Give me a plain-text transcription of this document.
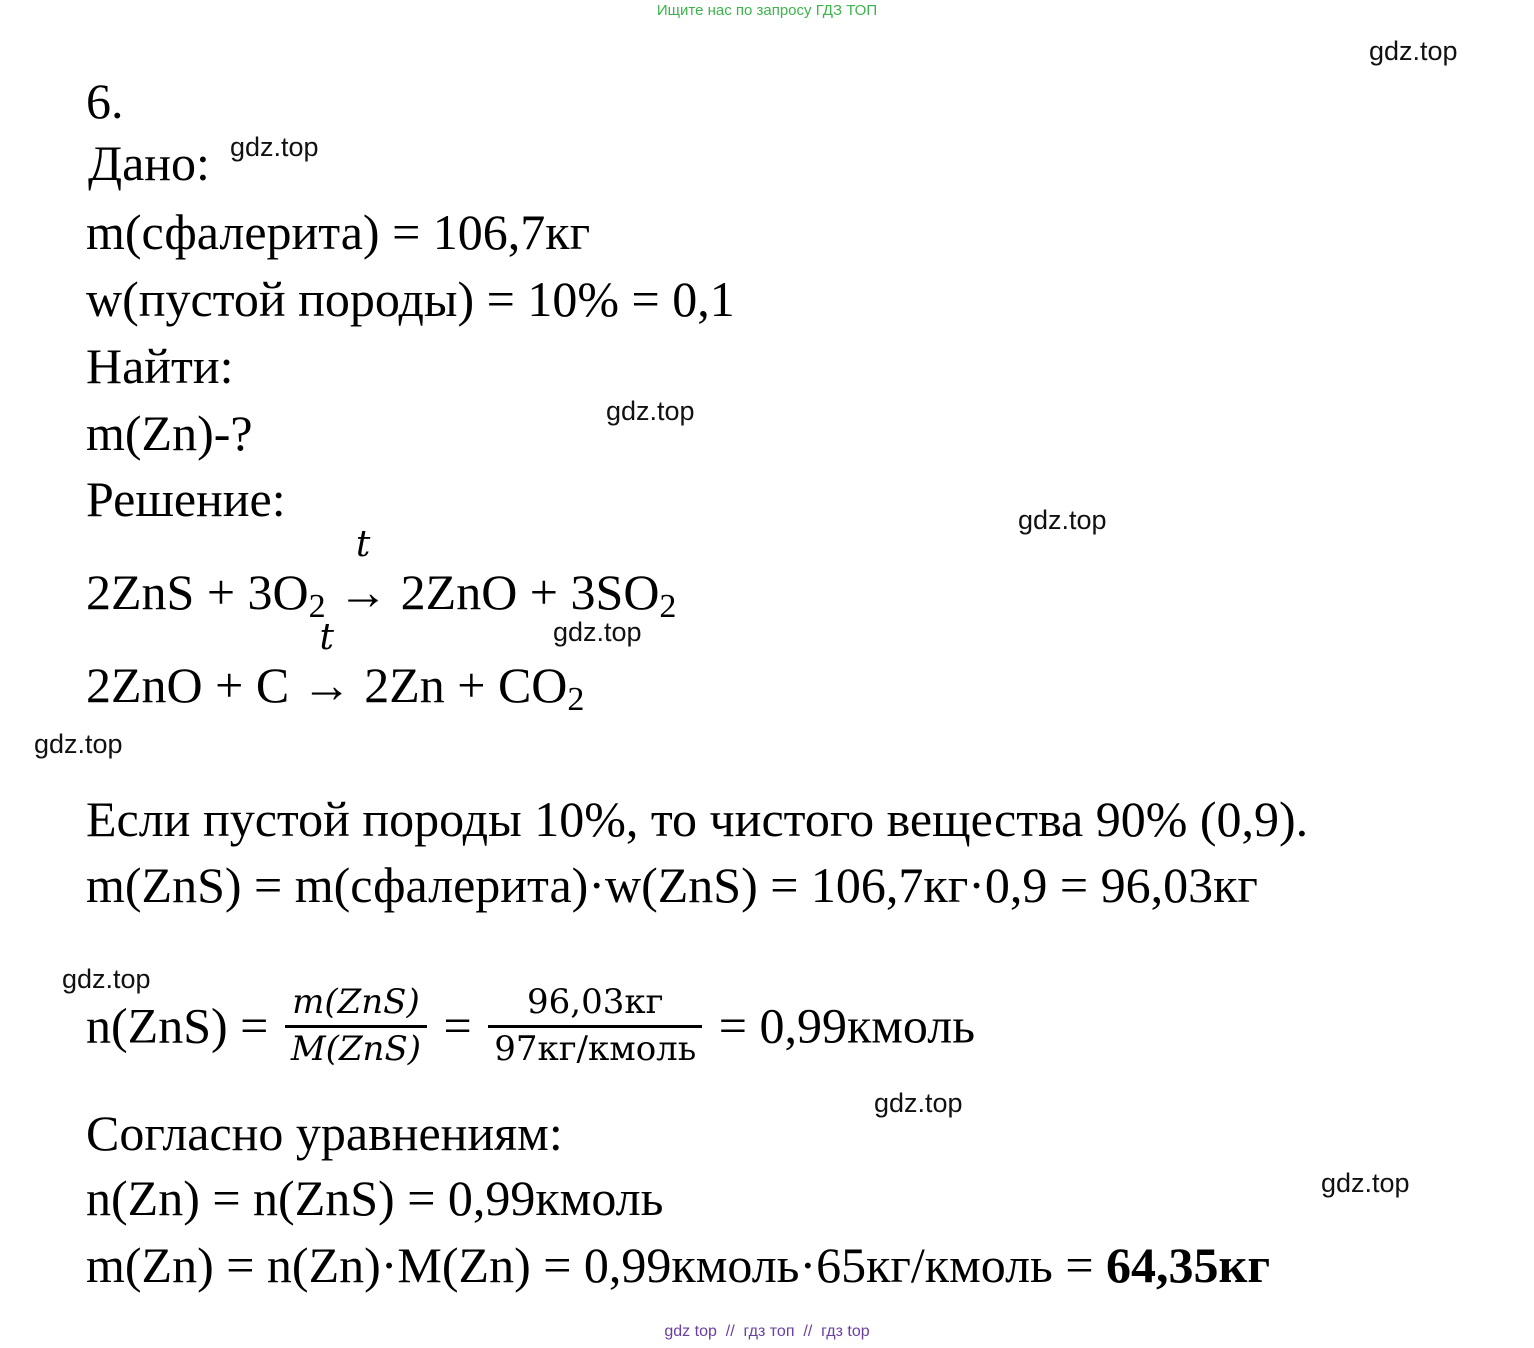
Ищите нас по запросу ГДЗ ТОП
gdz.top
gdz.top
gdz.top
gdz.top
gdz.top
gdz.top
gdz.top
gdz.top
gdz.top
6.
Дано:
m(сфалерита) = 106,7кг
w(пустой породы) = 10% = 0,1
Найти:
m(Zn)-?
Решение:
$2ZnS + 3O_2$
t
→ $2ZnO + 3SO_2$
2ZnO + C
t
→ $2Zn + CO_2$
Если пустой породы 10%, то чистого вещества 90% (0,9).
m(ZnS) = m(сфалерита)·w(ZnS) = 106,7кг·0,9 = 96,03кг
$n(ZnS) = \frac{\text{m(ZnS)}}{\text{M(ZnS)}} = \frac{96,03кг}{\text{97кг/кмоль}}$ = 0,99кмоль
Согласно уравнениям:
n(Zn) = n(ZnS) = 0,99кмоль
m(Zn) = n(Zn)·M(Zn) = 0,99кмоль·65кг/кмоль = 64,35кг
gdz top  //  гдз топ  //  гдз top
